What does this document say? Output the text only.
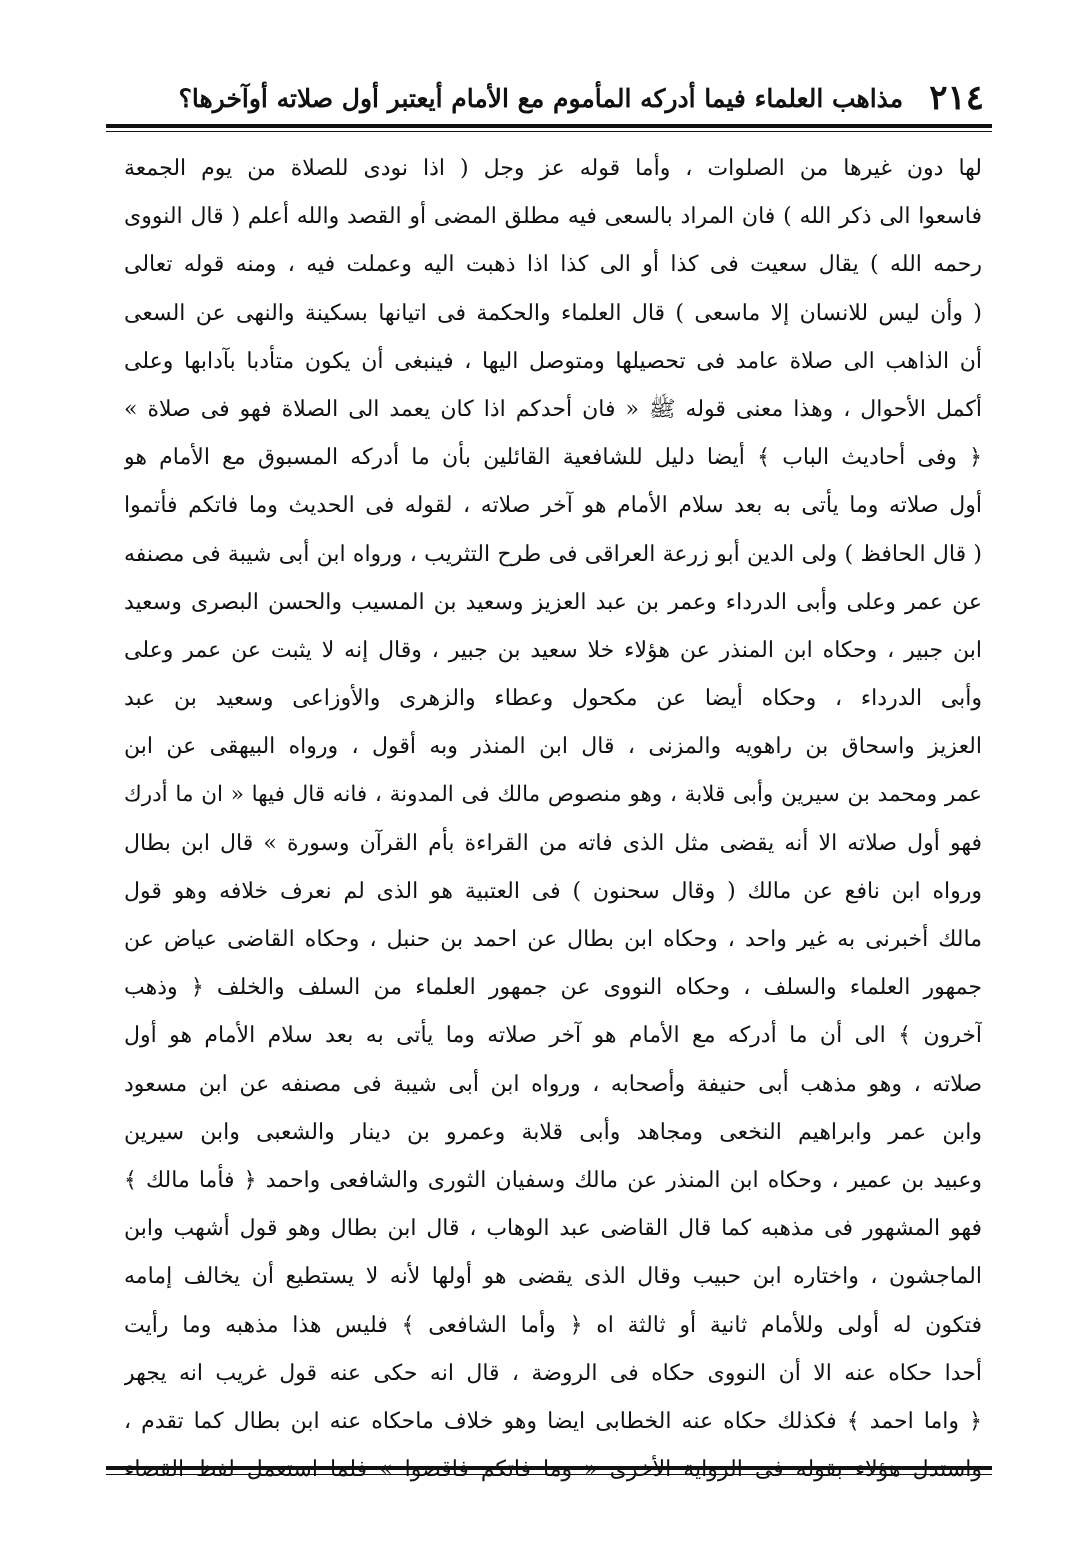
٢١٤
مذاهب العلماء فيما أدركه المأموم مع الأمام أيعتبر أول صلاته أوآخرها؟
لها دون غيرها من الصلوات ، وأما قوله عز وجل ( اذا نودى للصلاة من يوم الجمعة
فاسعوا الى ذكر الله ) فان المراد بالسعى فيه مطلق المضى أو القصد والله أعلم ( قال النووى
رحمه الله ) يقال سعيت فى كذا أو الى كذا اذا ذهبت اليه وعملت فيه ، ومنه قوله تعالى
( وأن ليس للانسان إلا ماسعى ) قال العلماء والحكمة فى اتيانها بسكينة والنهى عن السعى
أن الذاهب الى صلاة عامد فى تحصيلها ومتوصل اليها ، فينبغى أن يكون متأدبا بآدابها وعلى
أكمل الأحوال ، وهذا معنى قوله ﷺ « فان أحدكم اذا كان يعمد الى الصلاة فهو فى صلاة »
﴿ وفى أحاديث الباب ﴾ أيضا دليل للشافعية القائلين بأن ما أدركه المسبوق مع الأمام هو
أول صلاته وما يأتى به بعد سلام الأمام هو آخر صلاته ، لقوله فى الحديث وما فاتكم فأتموا
( قال الحافظ ) ولى الدين أبو زرعة العراقى فى طرح التثريب ، ورواه ابن أبى شيبة فى مصنفه
عن عمر وعلى وأبى الدرداء وعمر بن عبد العزيز وسعيد بن المسيب والحسن البصرى وسعيد
ابن جبير ، وحكاه ابن المنذر عن هؤلاء خلا سعيد بن جبير ، وقال إنه لا يثبت عن عمر وعلى
وأبى الدرداء ، وحكاه أيضا عن مكحول وعطاء والزهرى والأوزاعى وسعيد بن عبد
العزيز واسحاق بن راهويه والمزنى ، قال ابن المنذر وبه أقول ، ورواه البيهقى عن ابن
عمر ومحمد بن سيرين وأبى قلابة ، وهو منصوص مالك فى المدونة ، فانه قال فيها « ان ما أدرك
فهو أول صلاته الا أنه يقضى مثل الذى فاته من القراءة بأم القرآن وسورة » قال ابن بطال
ورواه ابن نافع عن مالك ( وقال سحنون ) فى العتبية هو الذى لم نعرف خلافه وهو قول
مالك أخبرنى به غير واحد ، وحكاه ابن بطال عن احمد بن حنبل ، وحكاه القاضى عياض عن
جمهور العلماء والسلف ، وحكاه النووى عن جمهور العلماء من السلف والخلف ﴿ وذهب
آخرون ﴾ الى أن ما أدركه مع الأمام هو آخر صلاته وما يأتى به بعد سلام الأمام هو أول
صلاته ، وهو مذهب أبى حنيفة وأصحابه ، ورواه ابن أبى شيبة فى مصنفه عن ابن مسعود
وابن عمر وابراهيم النخعى ومجاهد وأبى قلابة وعمرو بن دينار والشعبى وابن سيرين
وعبيد بن عمير ، وحكاه ابن المنذر عن مالك وسفيان الثورى والشافعى واحمد ﴿ فأما مالك ﴾
فهو المشهور فى مذهبه كما قال القاضى عبد الوهاب ، قال ابن بطال وهو قول أشهب وابن
الماجشون ، واختاره ابن حبيب وقال الذى يقضى هو أولها لأنه لا يستطيع أن يخالف إمامه
فتكون له أولى وللأمام ثانية أو ثالثة اه ﴿ وأما الشافعى ﴾ فليس هذا مذهبه وما رأيت
أحدا حكاه عنه الا أن النووى حكاه فى الروضة ، قال انه حكى عنه قول غريب انه يجهر
﴿ واما احمد ﴾ فكذلك حكاه عنه الخطابى ايضا وهو خلاف ماحكاه عنه ابن بطال كما تقدم ،
